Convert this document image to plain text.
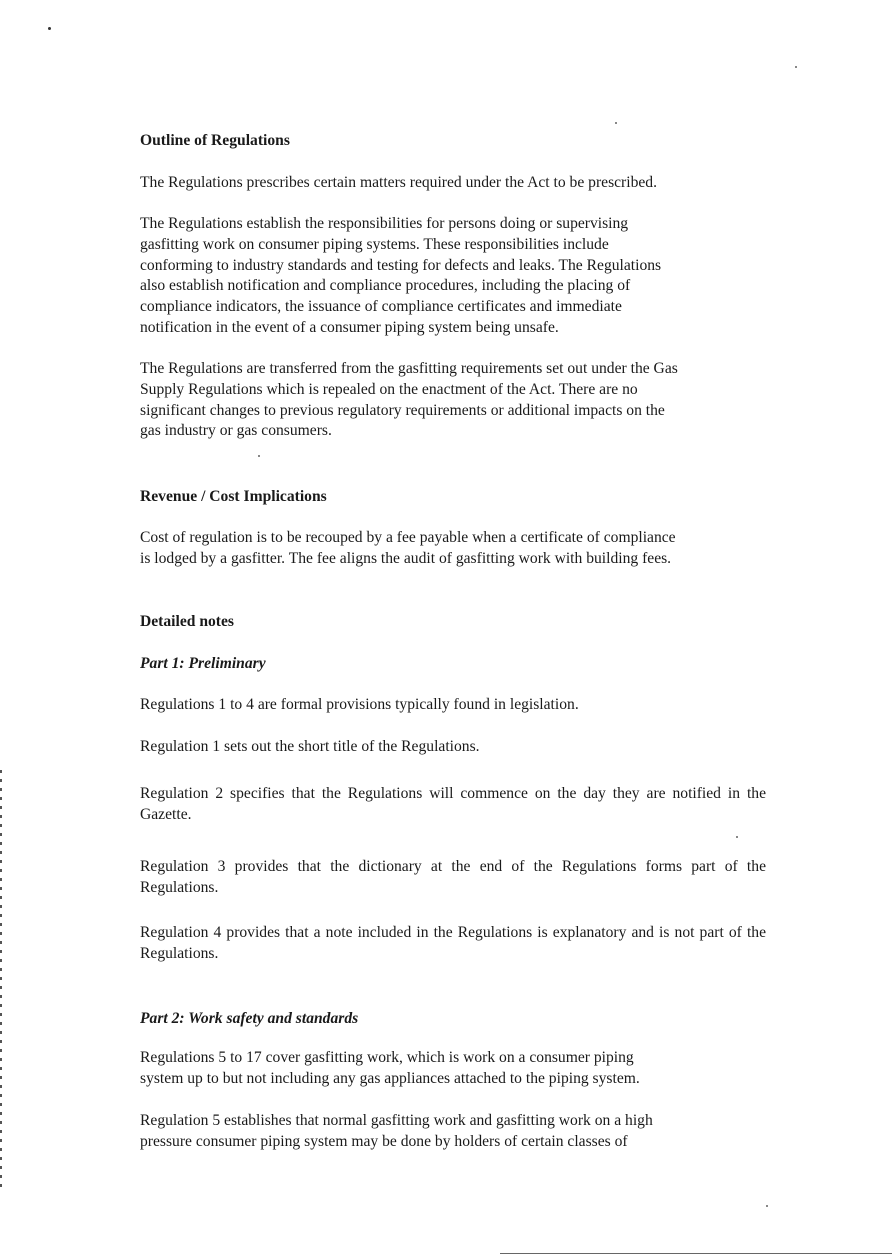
Outline of Regulations
The Regulations prescribes certain matters required under the Act to be prescribed.
The Regulations establish the responsibilities for persons doing or supervising
gasfitting work on consumer piping systems. These responsibilities include
conforming to industry standards and testing for defects and leaks. The Regulations
also establish notification and compliance procedures, including the placing of
compliance indicators, the issuance of compliance certificates and immediate
notification in the event of a consumer piping system being unsafe.
The Regulations are transferred from the gasfitting requirements set out under the Gas
Supply Regulations which is repealed on the enactment of the Act. There are no
significant changes to previous regulatory requirements or additional impacts on the
gas industry or gas consumers.
Revenue / Cost Implications
Cost of regulation is to be recouped by a fee payable when a certificate of compliance
is lodged by a gasfitter. The fee aligns the audit of gasfitting work with building fees.
Detailed notes
Part 1: Preliminary
Regulations 1 to 4 are formal provisions typically found in legislation.
Regulation 1 sets out the short title of the Regulations.
Regulation 2 specifies that the Regulations will commence on the day they are notified in the Gazette.
Regulation 3 provides that the dictionary at the end of the Regulations forms part of the Regulations.
Regulation 4 provides that a note included in the Regulations is explanatory and is not part of the Regulations.
Part 2: Work safety and standards
Regulations 5 to 17 cover gasfitting work, which is work on a consumer piping
system up to but not including any gas appliances attached to the piping system.
Regulation 5 establishes that normal gasfitting work and gasfitting work on a high
pressure consumer piping system may be done by holders of certain classes of
